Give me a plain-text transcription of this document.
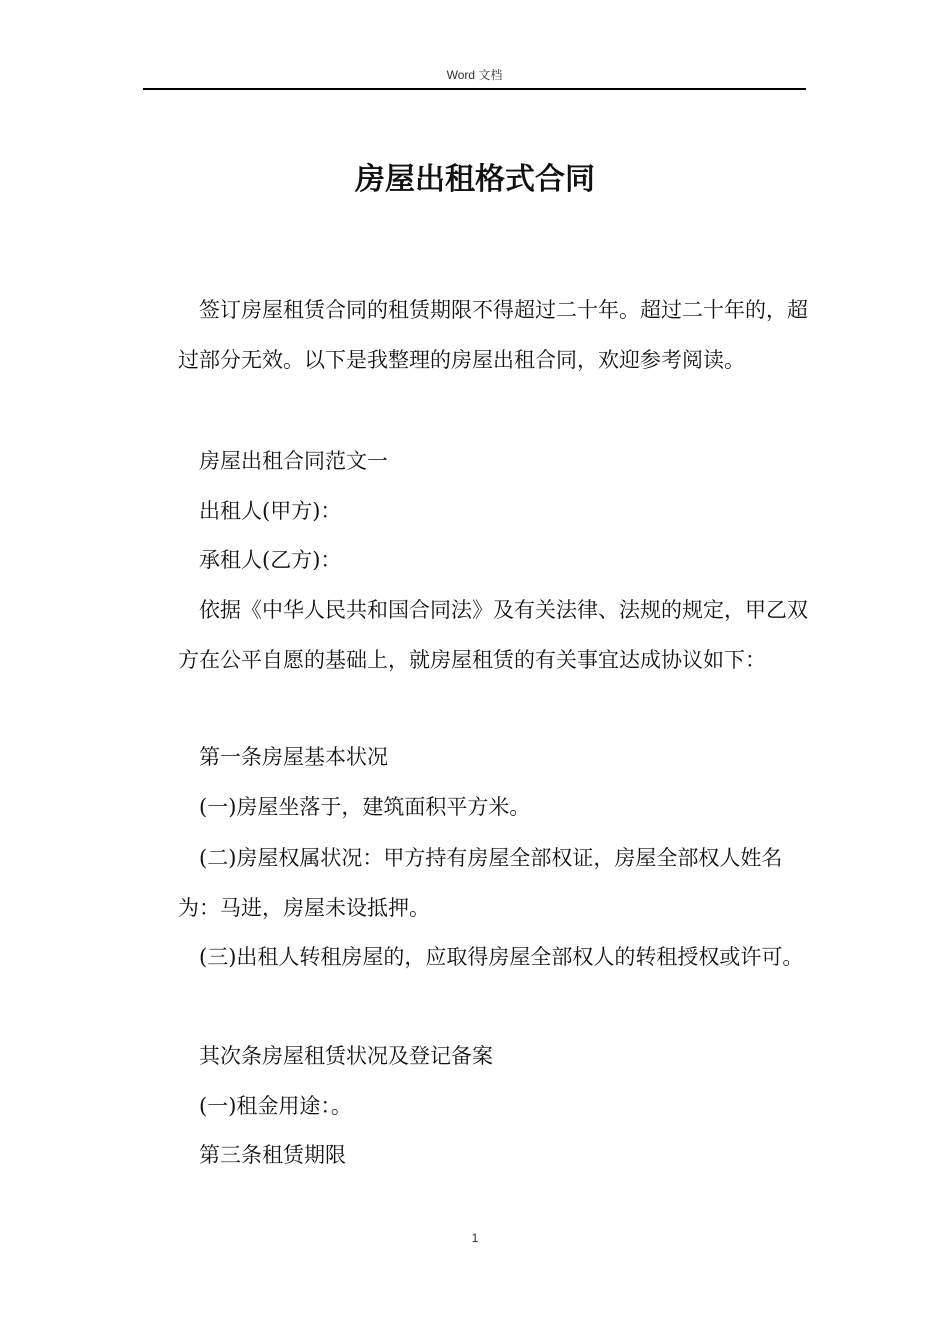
Word 文档
房屋出租格式合同

签订房屋租赁合同的租赁期限不得超过二十年。超过二十年的，超过部分无效。以下是我整理的房屋出租合同，欢迎参考阅读。

房屋出租合同范文一

出租人(甲方)：

承租人(乙方)：

依据《中华人民共和国合同法》及有关法律、法规的规定，甲乙双方在公平自愿的基础上，就房屋租赁的有关事宜达成协议如下：

第一条房屋基本状况

(一)房屋坐落于，建筑面积平方米。

(二)房屋权属状况：甲方持有房屋全部权证，房屋全部权人姓名为：马进，房屋未设抵押。

(三)出租人转租房屋的，应取得房屋全部权人的转租授权或许可。

其次条房屋租赁状况及登记备案

(一)租金用途：。

第三条租赁期限

1
